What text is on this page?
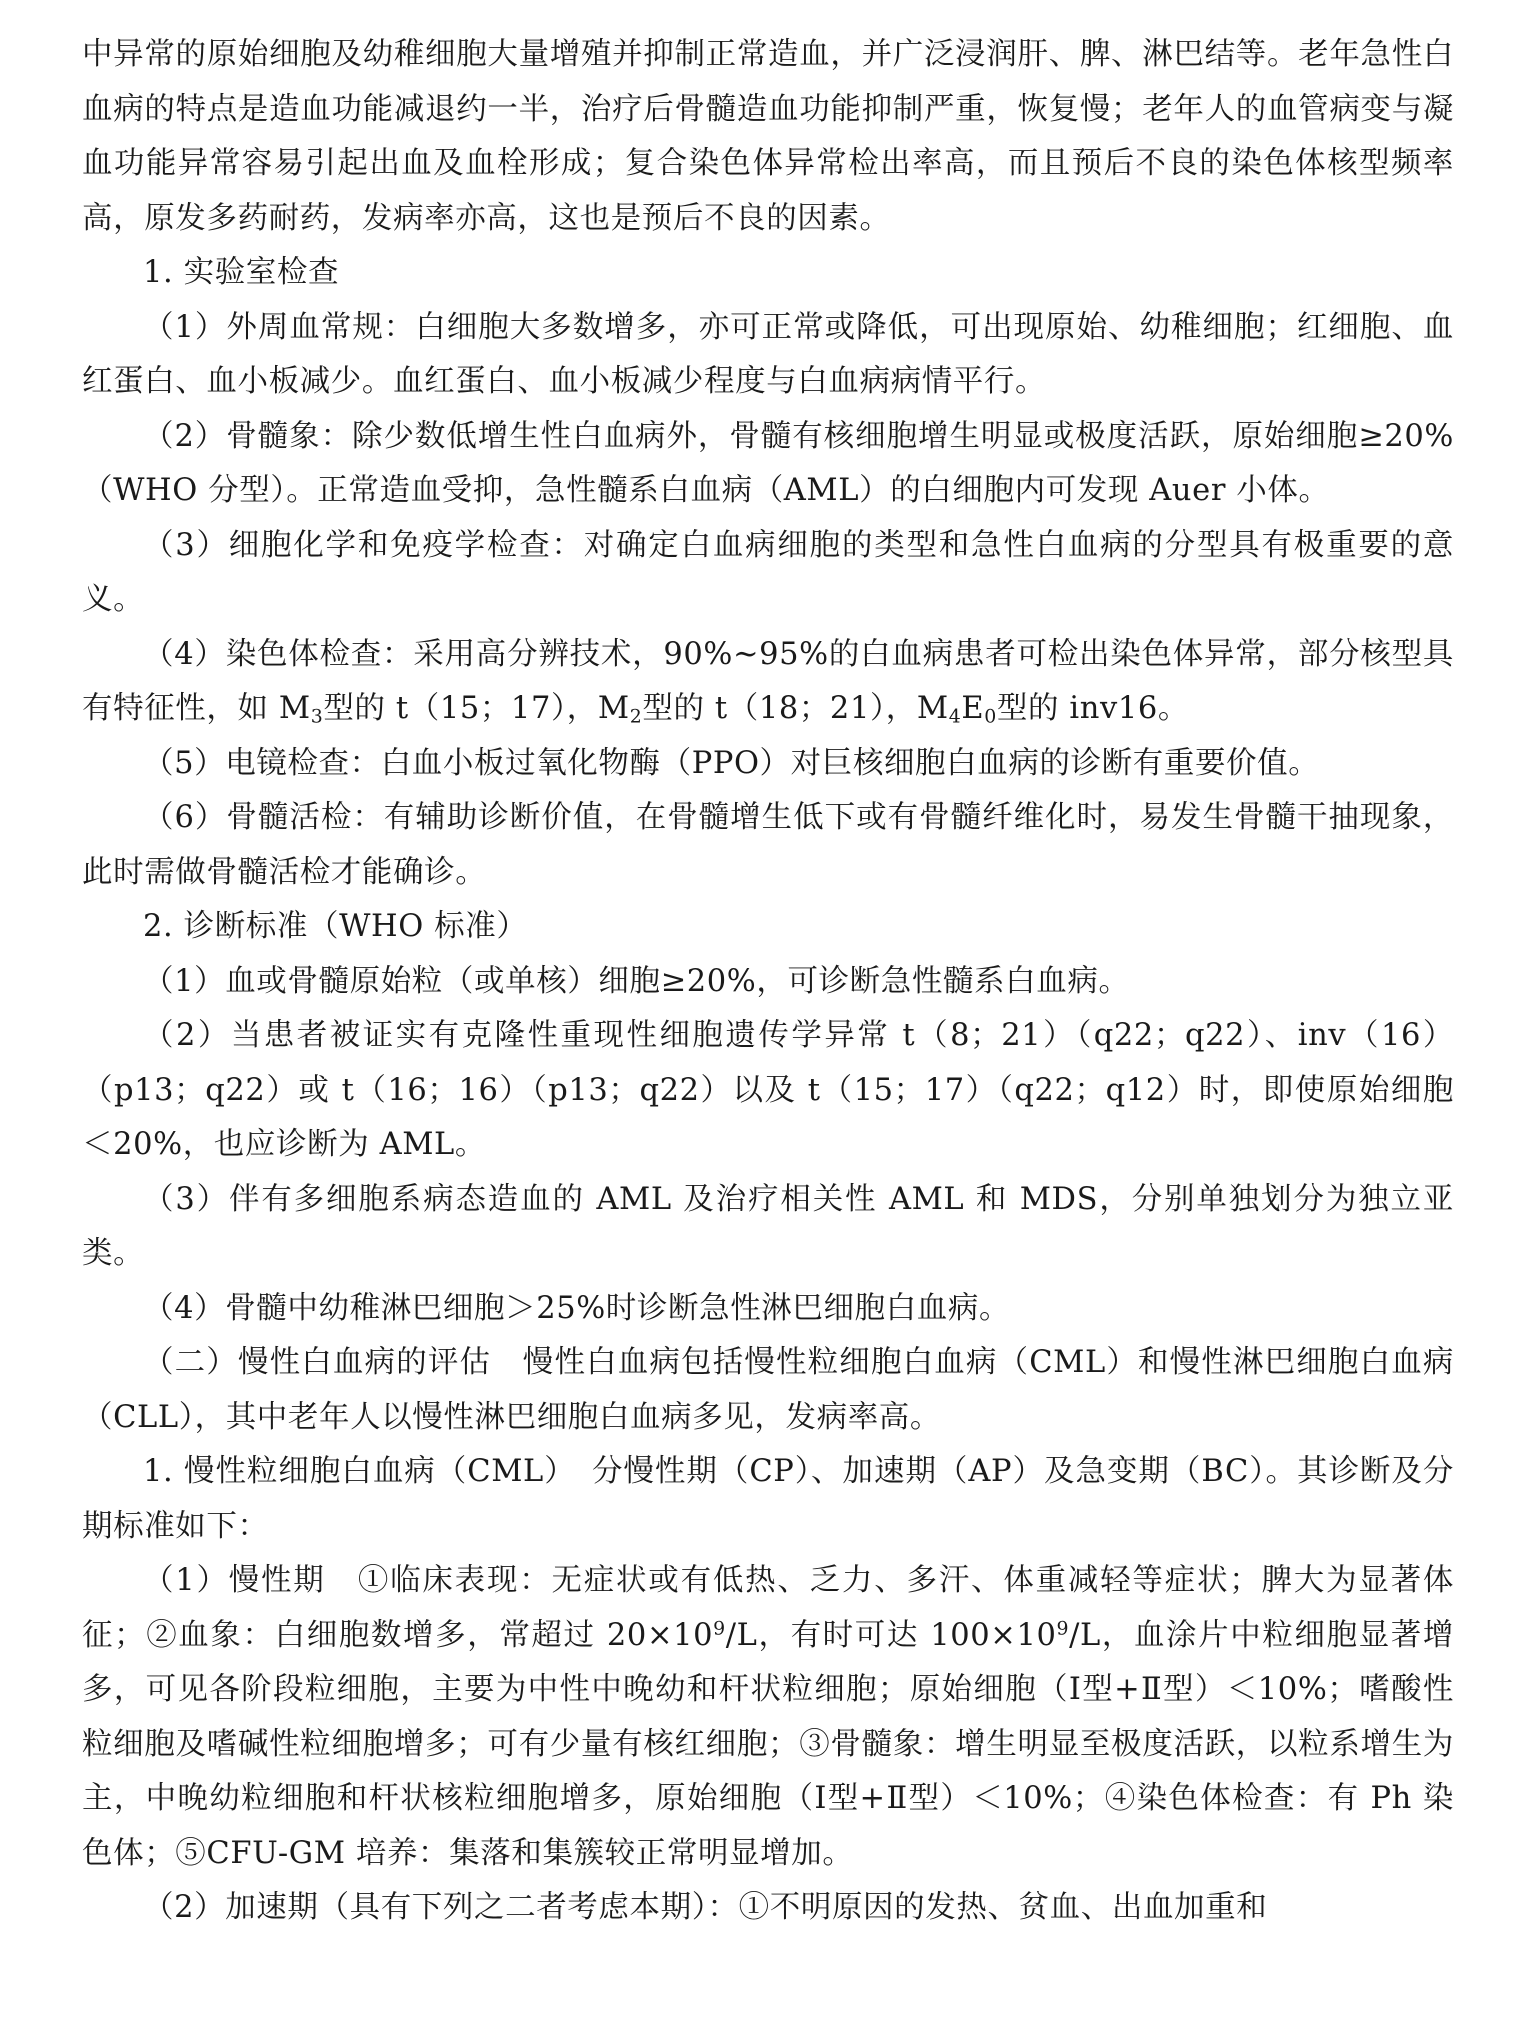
中异常的原始细胞及幼稚细胞大量增殖并抑制正常造血，并广泛浸润肝、脾、淋巴结等。老年急性白血病的特点是造血功能减退约一半，治疗后骨髓造血功能抑制严重，恢复慢；老年人的血管病变与凝血功能异常容易引起出血及血栓形成；复合染色体异常检出率高，而且预后不良的染色体核型频率高，原发多药耐药，发病率亦高，这也是预后不良的因素。

1. 实验室检查

（1）外周血常规：白细胞大多数增多，亦可正常或降低，可出现原始、幼稚细胞；红细胞、血红蛋白、血小板减少。血红蛋白、血小板减少程度与白血病病情平行。

（2）骨髓象：除少数低增生性白血病外，骨髓有核细胞增生明显或极度活跃，原始细胞≥20%（WHO 分型）。正常造血受抑，急性髓系白血病（AML）的白细胞内可发现 Auer 小体。

（3）细胞化学和免疫学检查：对确定白血病细胞的类型和急性白血病的分型具有极重要的意义。

（4）染色体检查：采用高分辨技术，90%~95%的白血病患者可检出染色体异常，部分核型具有特征性，如 $M_3$型的 t（15；17），$M_2$型的 t（18；21），$M_4E_0$型的 inv16。

（5）电镜检查：白血小板过氧化物酶（PPO）对巨核细胞白血病的诊断有重要价值。

（6）骨髓活检：有辅助诊断价值，在骨髓增生低下或有骨髓纤维化时，易发生骨髓干抽现象，此时需做骨髓活检才能确诊。

2. 诊断标准（WHO 标准）

（1）血或骨髓原始粒（或单核）细胞≥20%，可诊断急性髓系白血病。

（2）当患者被证实有克隆性重现性细胞遗传学异常 t（8；21）（q22；q22）、inv（16）（p13；q22）或 t（16；16）（p13；q22）以及 t（15；17）（q22；q12）时，即使原始细胞＜20%，也应诊断为 AML。

（3）伴有多细胞系病态造血的 AML 及治疗相关性 AML 和 MDS，分别单独划分为独立亚类。

（4）骨髓中幼稚淋巴细胞＞25%时诊断急性淋巴细胞白血病。

（二）慢性白血病的评估　慢性白血病包括慢性粒细胞白血病（CML）和慢性淋巴细胞白血病（CLL），其中老年人以慢性淋巴细胞白血病多见，发病率高。

1. 慢性粒细胞白血病（CML）　分慢性期（CP）、加速期（AP）及急变期（BC）。其诊断及分期标准如下：

（1）慢性期　①临床表现：无症状或有低热、乏力、多汗、体重减轻等症状；脾大为显著体征；②血象：白细胞数增多，常超过 $20\times 10^9/L$，有时可达 $100\times 10^9/L$，血涂片中粒细胞显著增多，可见各阶段粒细胞，主要为中性中晚幼和杆状粒细胞；原始细胞（Ⅰ型+Ⅱ型）＜10%；嗜酸性粒细胞及嗜碱性粒细胞增多；可有少量有核红细胞；③骨髓象：增生明显至极度活跃，以粒系增生为主，中晚幼粒细胞和杆状核粒细胞增多，原始细胞（Ⅰ型+Ⅱ型）＜10%；④染色体检查：有 Ph 染色体；⑤CFU-GM 培养：集落和集簇较正常明显增加。

（2）加速期（具有下列之二者考虑本期）：①不明原因的发热、贫血、出血加重和
